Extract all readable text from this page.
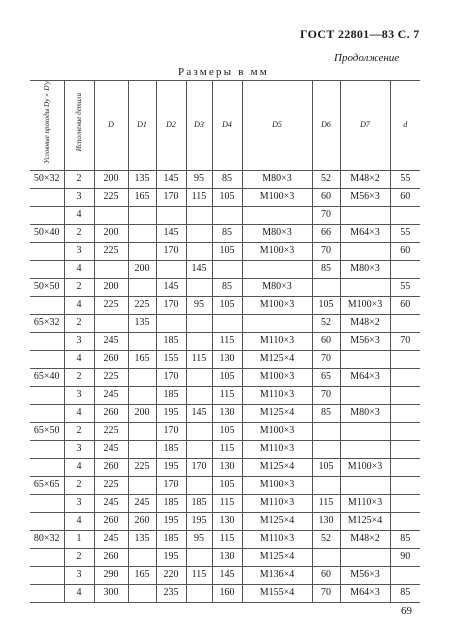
ГОСТ 22801—83 С. 7
Продолжение
Размеры в мм
Условные проходы Dy×D'y	Исполнение детали	D	D1	D2	D3	D4	D5	D6	D7	d
50×32	2	200	135	145	95	85	M80×3	52	M48×2	55
	3	225	165	170	115	105	M100×3	60	M56×3	60
	4							70		
50×40	2	200		145		85	M80×3	66	M64×3	55
	3	225		170		105	M100×3	70		60
	4		200		145			85	M80×3	
50×50	2	200		145		85	M80×3			55
	4	225	225	170	95	105	M100×3	105	M100×3	60
65×32	2		135					52	M48×2	
	3	245		185		115	M110×3	60	M56×3	70
	4	260	165	155	115	130	M125×4	70		
65×40	2	225		170		105	M100×3	65	M64×3	
	3	245		185		115	M110×3	70		
	4	260	200	195	145	130	M125×4	85	M80×3	
65×50	2	225		170		105	M100×3			
	3	245		185		115	M110×3			
	4	260	225	195	170	130	M125×4	105	M100×3	
65×65	2	225		170		105	M100×3			
	3	245	245	185	185	115	M110×3	115	M110×3	
	4	260	260	195	195	130	M125×4	130	M125×4	
80×32	1	245	135	185	95	115	M110×3	52	M48×2	85
	2	260		195		130	M125×4			90
	3	290	165	220	115	145	M136×4	60	M56×3	
	4	300		235		160	M155×4	70	M64×3	85
69
